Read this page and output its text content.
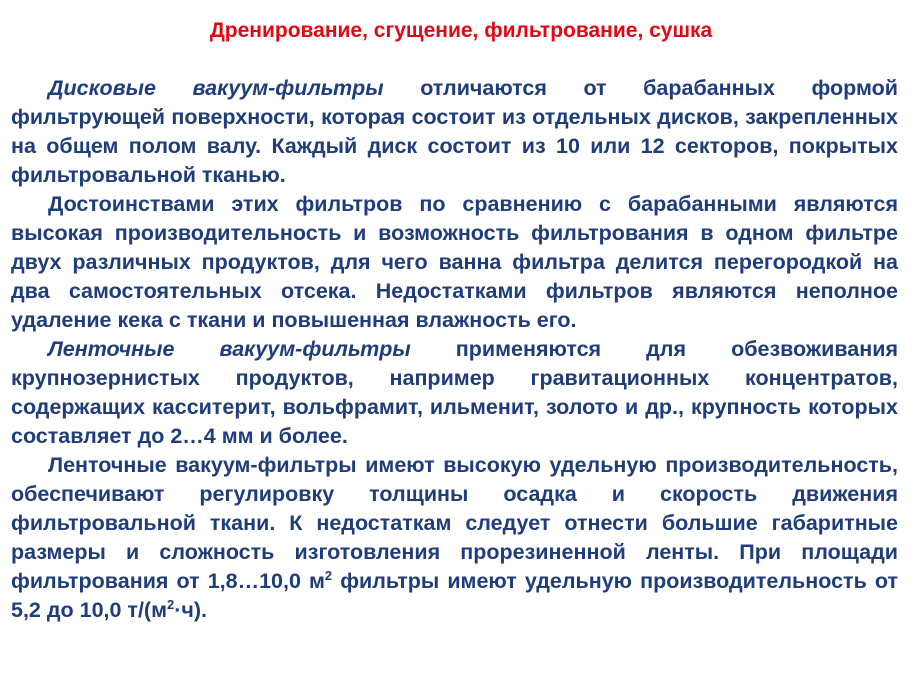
Дренирование, сгущение, фильтрование, сушка

Дисковые вакуум-фильтры отличаются от барабанных формой фильтрующей поверхности, которая состоит из отдельных дисков, закрепленных на общем полом валу. Каждый диск состоит из 10 или 12 секторов, покрытых фильтровальной тканью.

Достоинствами этих фильтров по сравнению с барабанными являются высокая производительность и возможность фильтрования в одном фильтре двух различных продуктов, для чего ванна фильтра делится перегородкой на два самостоятельных отсека. Недостатками фильтров являются неполное удаление кека с ткани и повышенная влажность его.

Ленточные вакуум-фильтры применяются для обезвоживания крупнозернистых продуктов, например гравитационных концентратов, содержащих касситерит, вольфрамит, ильменит, золото и др., крупность которых составляет до 2…4 мм и более.

Ленточные вакуум-фильтры имеют высокую удельную производительность, обеспечивают регулировку толщины осадка и скорость движения фильтровальной ткани. К недостаткам следует отнести большие габаритные размеры и сложность изготовления прорезиненной ленты. При площади фильтрования от 1,8…10,0 $м^2$ фильтры имеют удельную производительность от 5,2 до 10,0 $т/(м^2\cdot ч)$.
